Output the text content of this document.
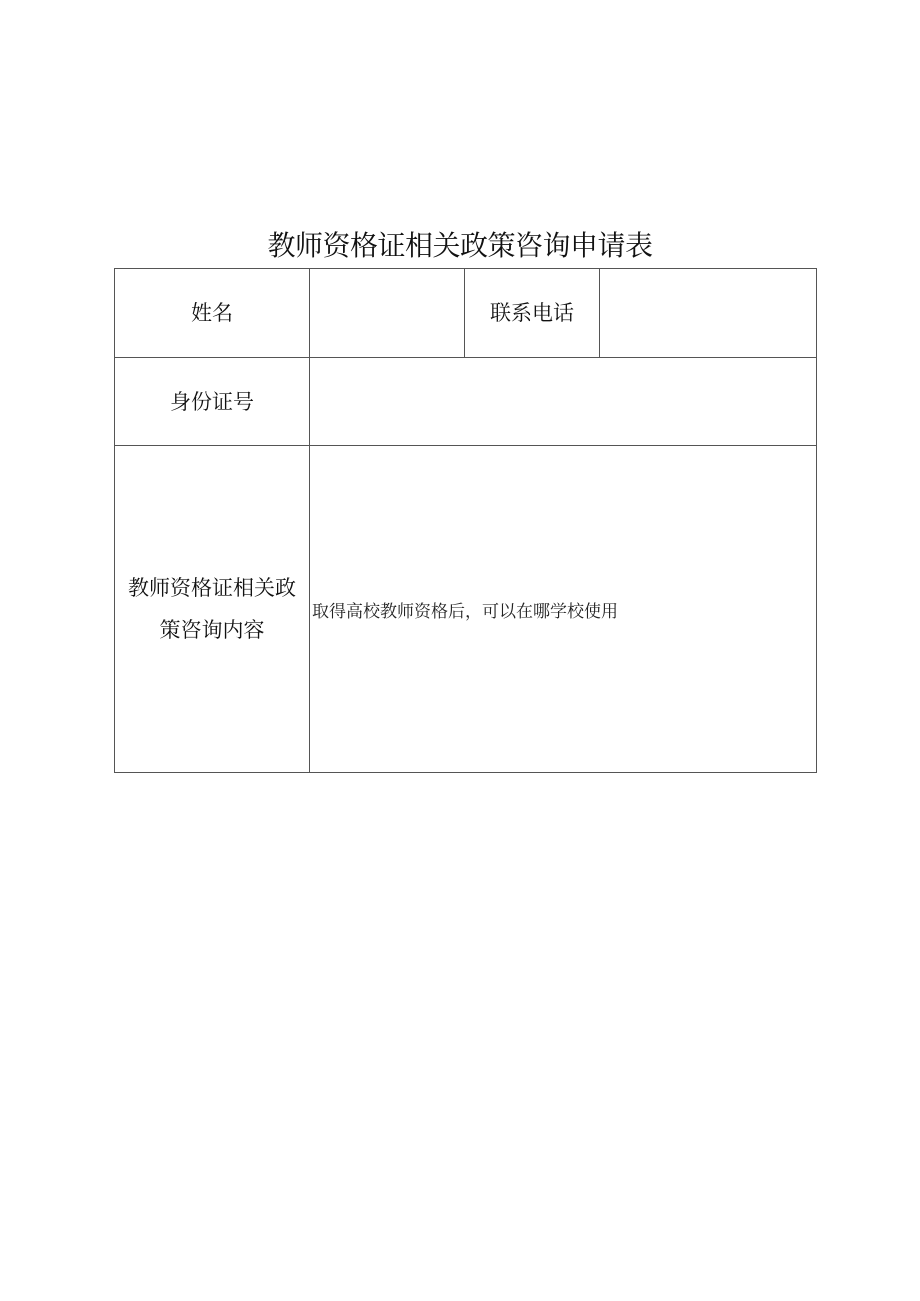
教师资格证相关政策咨询申请表
姓名		联系电话	
身份证号			

教师资格证相关政
策咨询内容	取得高校教师资格后，可以在哪学校使用		
